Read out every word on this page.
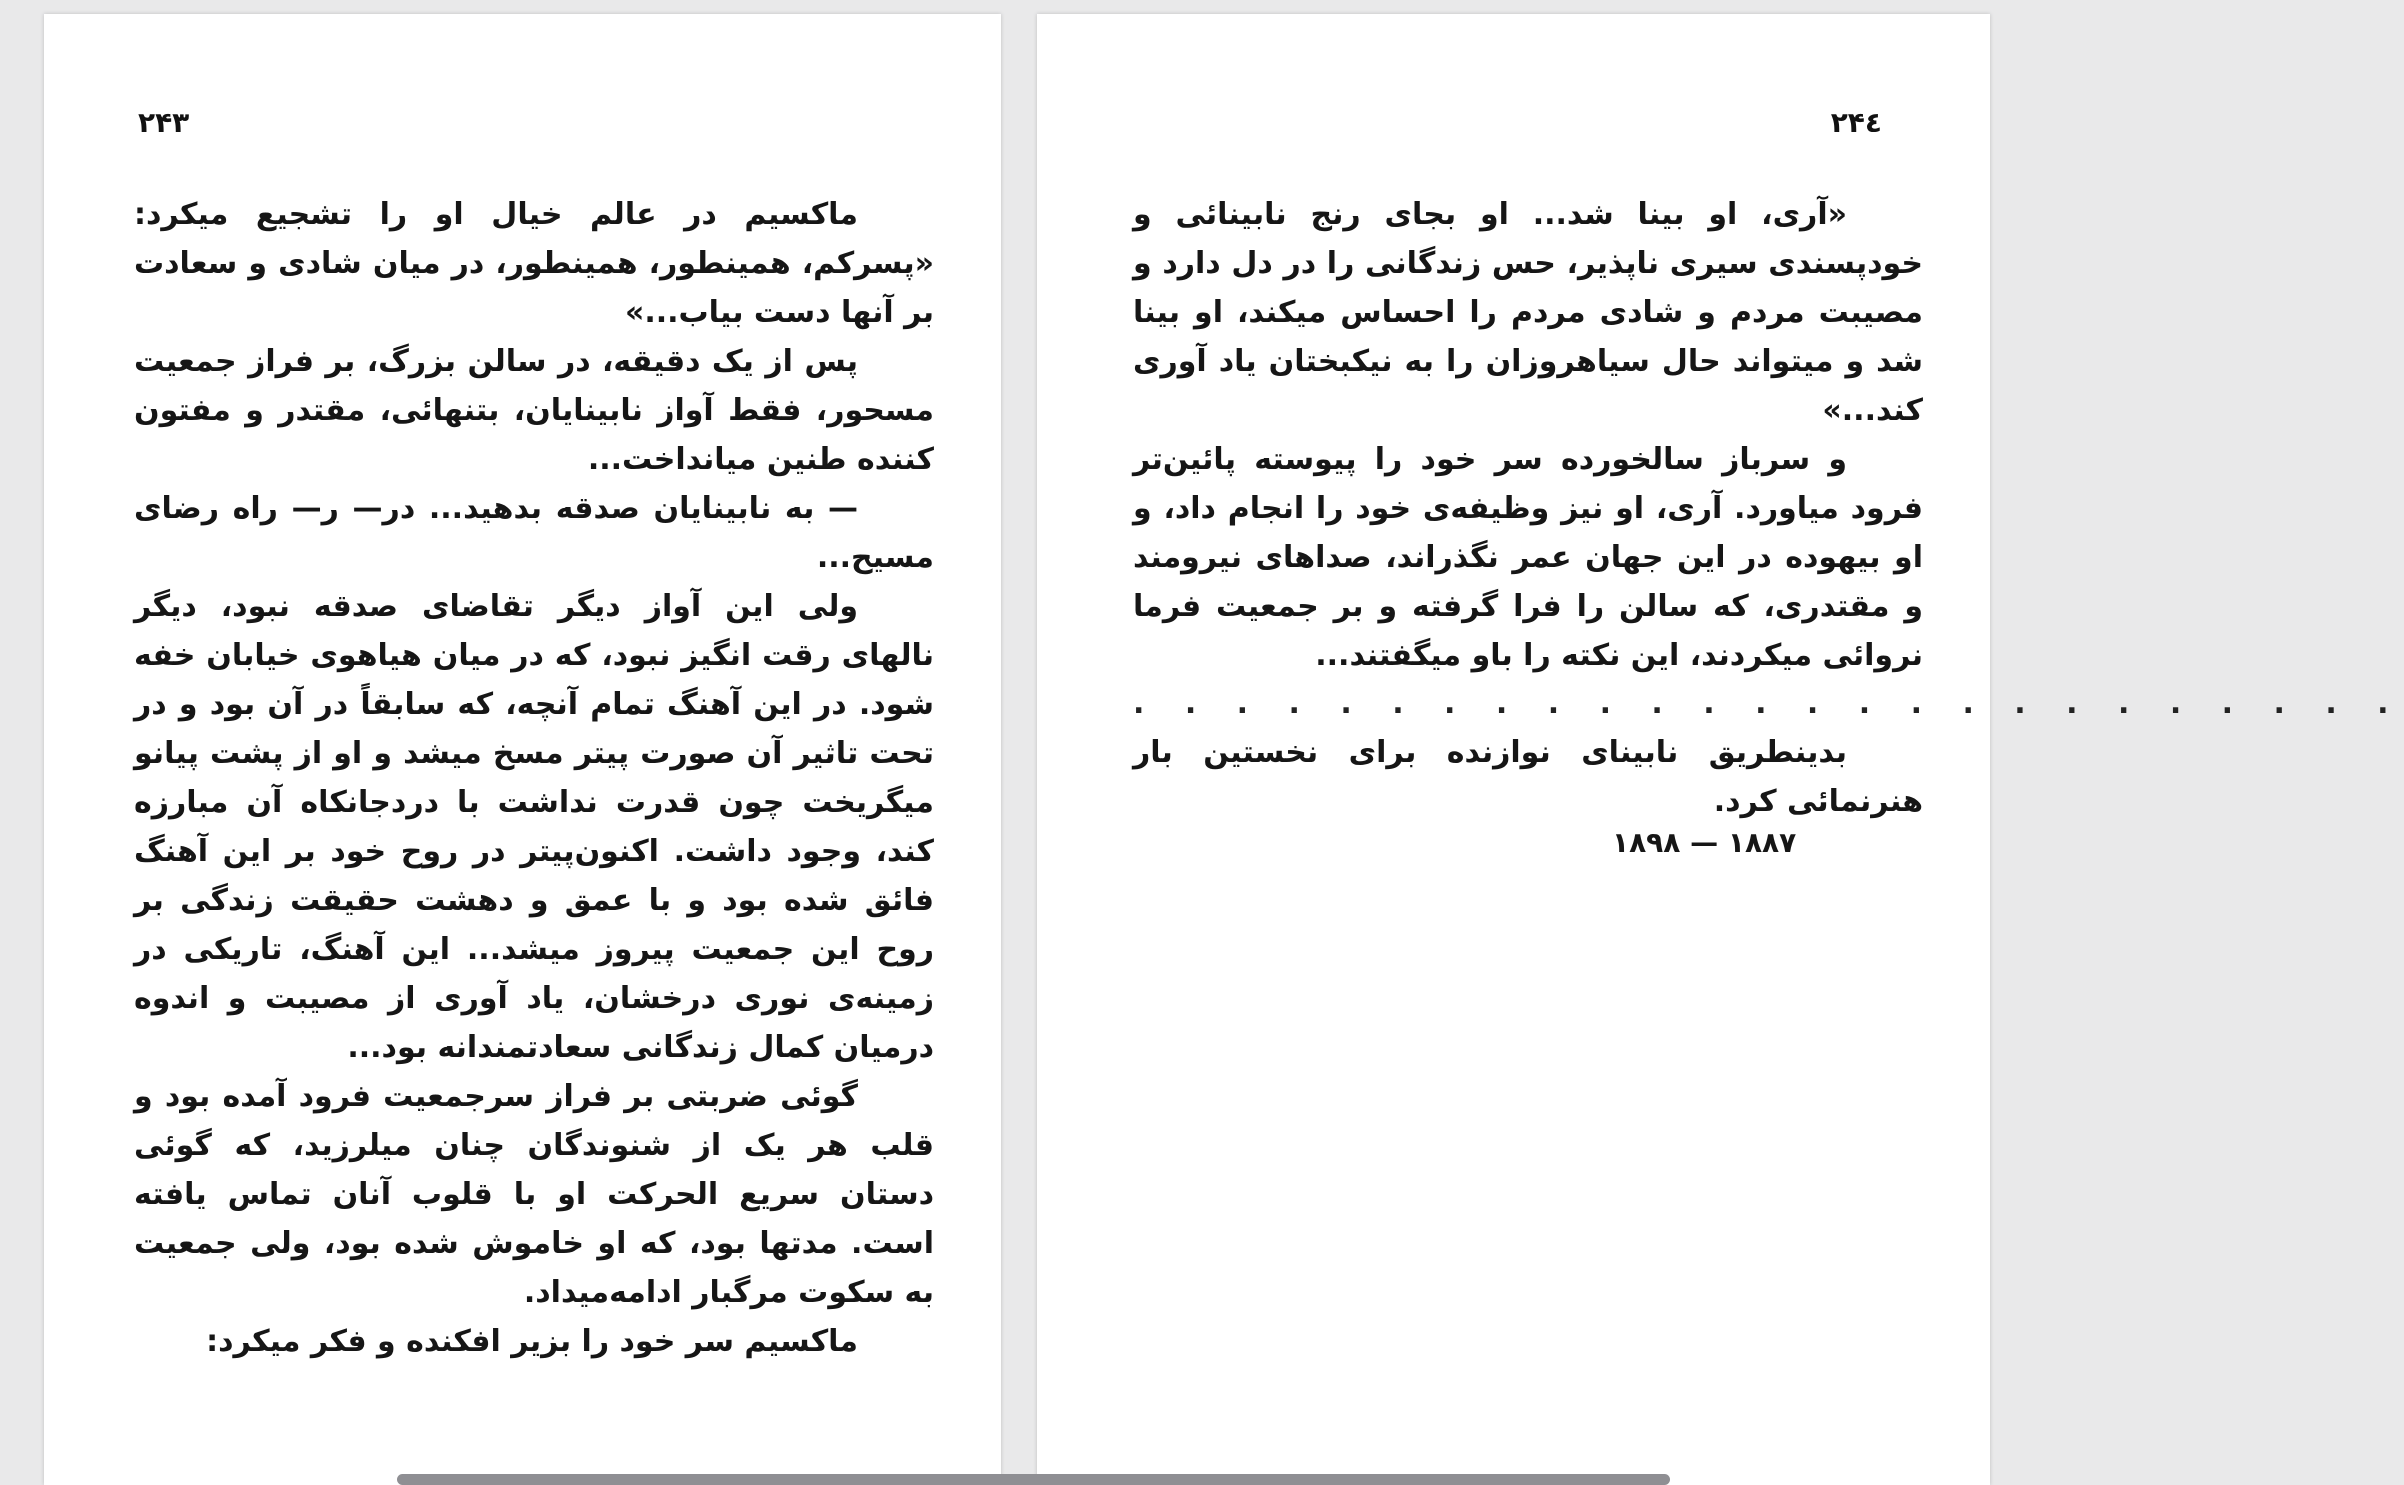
۲۴۳

ماکسیم در عالم خیال او را تشجیع میکرد: «پسرکم، همینطور، همینطور، در میان شادی و سعادت بر آنها دست بیاب...»

پس از یک دقیقه، در سالن بزرگ، بر فراز جمعیت مسحور، فقط آواز نابینایان، بتنهائی، مقتدر و مفتون کننده طنین میانداخت...

— به نابینایان صدقه بدهید... در— ر— راه رضای مسیح...

ولی این آواز دیگر تقاضای صدقه نبود، دیگر نالهای رقت انگیز نبود، که در میان هیاهوی خیابان خفه شود. در این آهنگ تمام آنچه، که سابقاً در آن بود و در تحت تاثیر آن صورت پیتر مسخ میشد و او از پشت پیانو میگریخت چون قدرت نداشت با دردجانکاه آن مبارزه کند، وجود داشت. اکنون‌پیتر در روح خود بر این آهنگ فائق شده بود و با عمق و دهشت حقیقت زندگی بر روح این جمعیت پیروز میشد... این آهنگ، تاریکی در زمینه‌ی نوری درخشان، یاد آوری از مصیبت و اندوه درمیان کمال زندگانی سعادتمندانه بود...

گوئی ضربتی بر فراز سرجمعیت فرود آمده بود و قلب هر یک از شنوندگان چنان میلرزید، که گوئی دستان سریع الحرکت او با قلوب آنان تماس یافته است. مدتها بود، که او خاموش شده بود، ولی جمعیت به سکوت مرگبار ادامه‌میداد.

ماکسیم سر خود را بزیر افکنده و فکر میکرد:

۲۴٤

«آری، او بینا شد... او بجای رنج نابینائی و خودپسندی سیری ناپذیر، حس زندگانی را در دل دارد و مصیبت مردم و شادی مردم را احساس میکند، او بینا شد و میتواند حال سیاهروزان را به نیکبختان یاد آوری کند...»

و سرباز سالخورده سر خود را پیوسته پائین‌تر فرود میاورد. آری، او نیز وظیفه‌ی خود را انجام داد، و او بیهوده در این جهان عمر نگذراند، صداهای نیرومند و مقتدری، که سالن را فرا گرفته و بر جمعیت فرما نروائی میکردند، این نکته را باو میگفتند...

. . . . . . . . . . . . . . . . . . . . . . . . .

بدینطریق نابینای نوازنده برای نخستین بار هنرنمائی کرد.

۱۸۸۷ — ۱۸۹۸
